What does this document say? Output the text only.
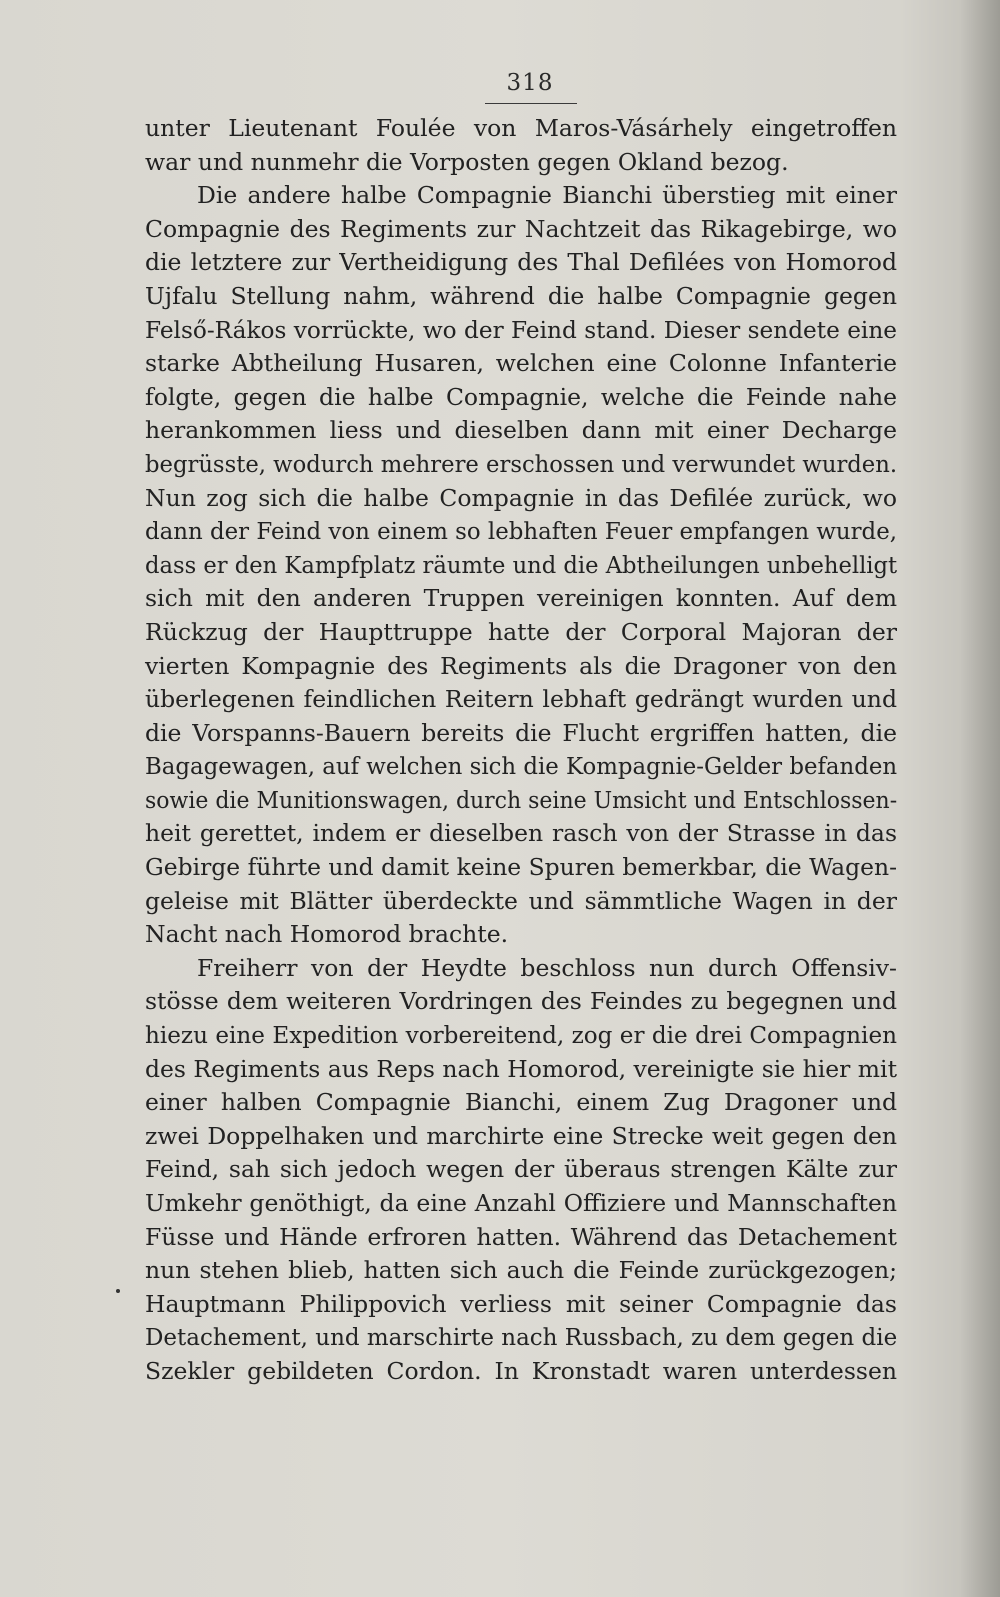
318
unter Lieutenant Foulée von Maros-Vásárhely eingetroffen
war und nunmehr die Vorposten gegen Okland bezog.
Die andere halbe Compagnie Bianchi überstieg mit einer
Compagnie des Regiments zur Nachtzeit das Rikagebirge, wo
die letztere zur Vertheidigung des Thal Defilées von Homorod
Ujfalu Stellung nahm, während die halbe Compagnie gegen
Felső-Rákos vorrückte, wo der Feind stand. Dieser sendete eine
starke Abtheilung Husaren, welchen eine Colonne Infanterie
folgte, gegen die halbe Compagnie, welche die Feinde nahe
herankommen liess und dieselben dann mit einer Decharge
begrüsste, wodurch mehrere erschossen und verwundet wurden.
Nun zog sich die halbe Compagnie in das Defilée zurück, wo
dann der Feind von einem so lebhaften Feuer empfangen wurde,
dass er den Kampfplatz räumte und die Abtheilungen unbehelligt
sich mit den anderen Truppen vereinigen konnten. Auf dem
Rückzug der Haupttruppe hatte der Corporal Majoran der
vierten Kompagnie des Regiments als die Dragoner von den
überlegenen feindlichen Reitern lebhaft gedrängt wurden und
die Vorspanns-Bauern bereits die Flucht ergriffen hatten, die
Bagagewagen, auf welchen sich die Kompagnie-Gelder befanden
sowie die Munitionswagen, durch seine Umsicht und Entschlossen-
heit gerettet, indem er dieselben rasch von der Strasse in das
Gebirge führte und damit keine Spuren bemerkbar, die Wagen-
geleise mit Blätter überdeckte und sämmtliche Wagen in der
Nacht nach Homorod brachte.
Freiherr von der Heydte beschloss nun durch Offensiv-
stösse dem weiteren Vordringen des Feindes zu begegnen und
hiezu eine Expedition vorbereitend, zog er die drei Compagnien
des Regiments aus Reps nach Homorod, vereinigte sie hier mit
einer halben Compagnie Bianchi, einem Zug Dragoner und
zwei Doppelhaken und marchirte eine Strecke weit gegen den
Feind, sah sich jedoch wegen der überaus strengen Kälte zur
Umkehr genöthigt, da eine Anzahl Offiziere und Mannschaften
Füsse und Hände erfroren hatten. Während das Detachement
nun stehen blieb, hatten sich auch die Feinde zurückgezogen;
Hauptmann Philippovich verliess mit seiner Compagnie das
Detachement, und marschirte nach Russbach, zu dem gegen die
Szekler gebildeten Cordon. In Kronstadt waren unterdessen
